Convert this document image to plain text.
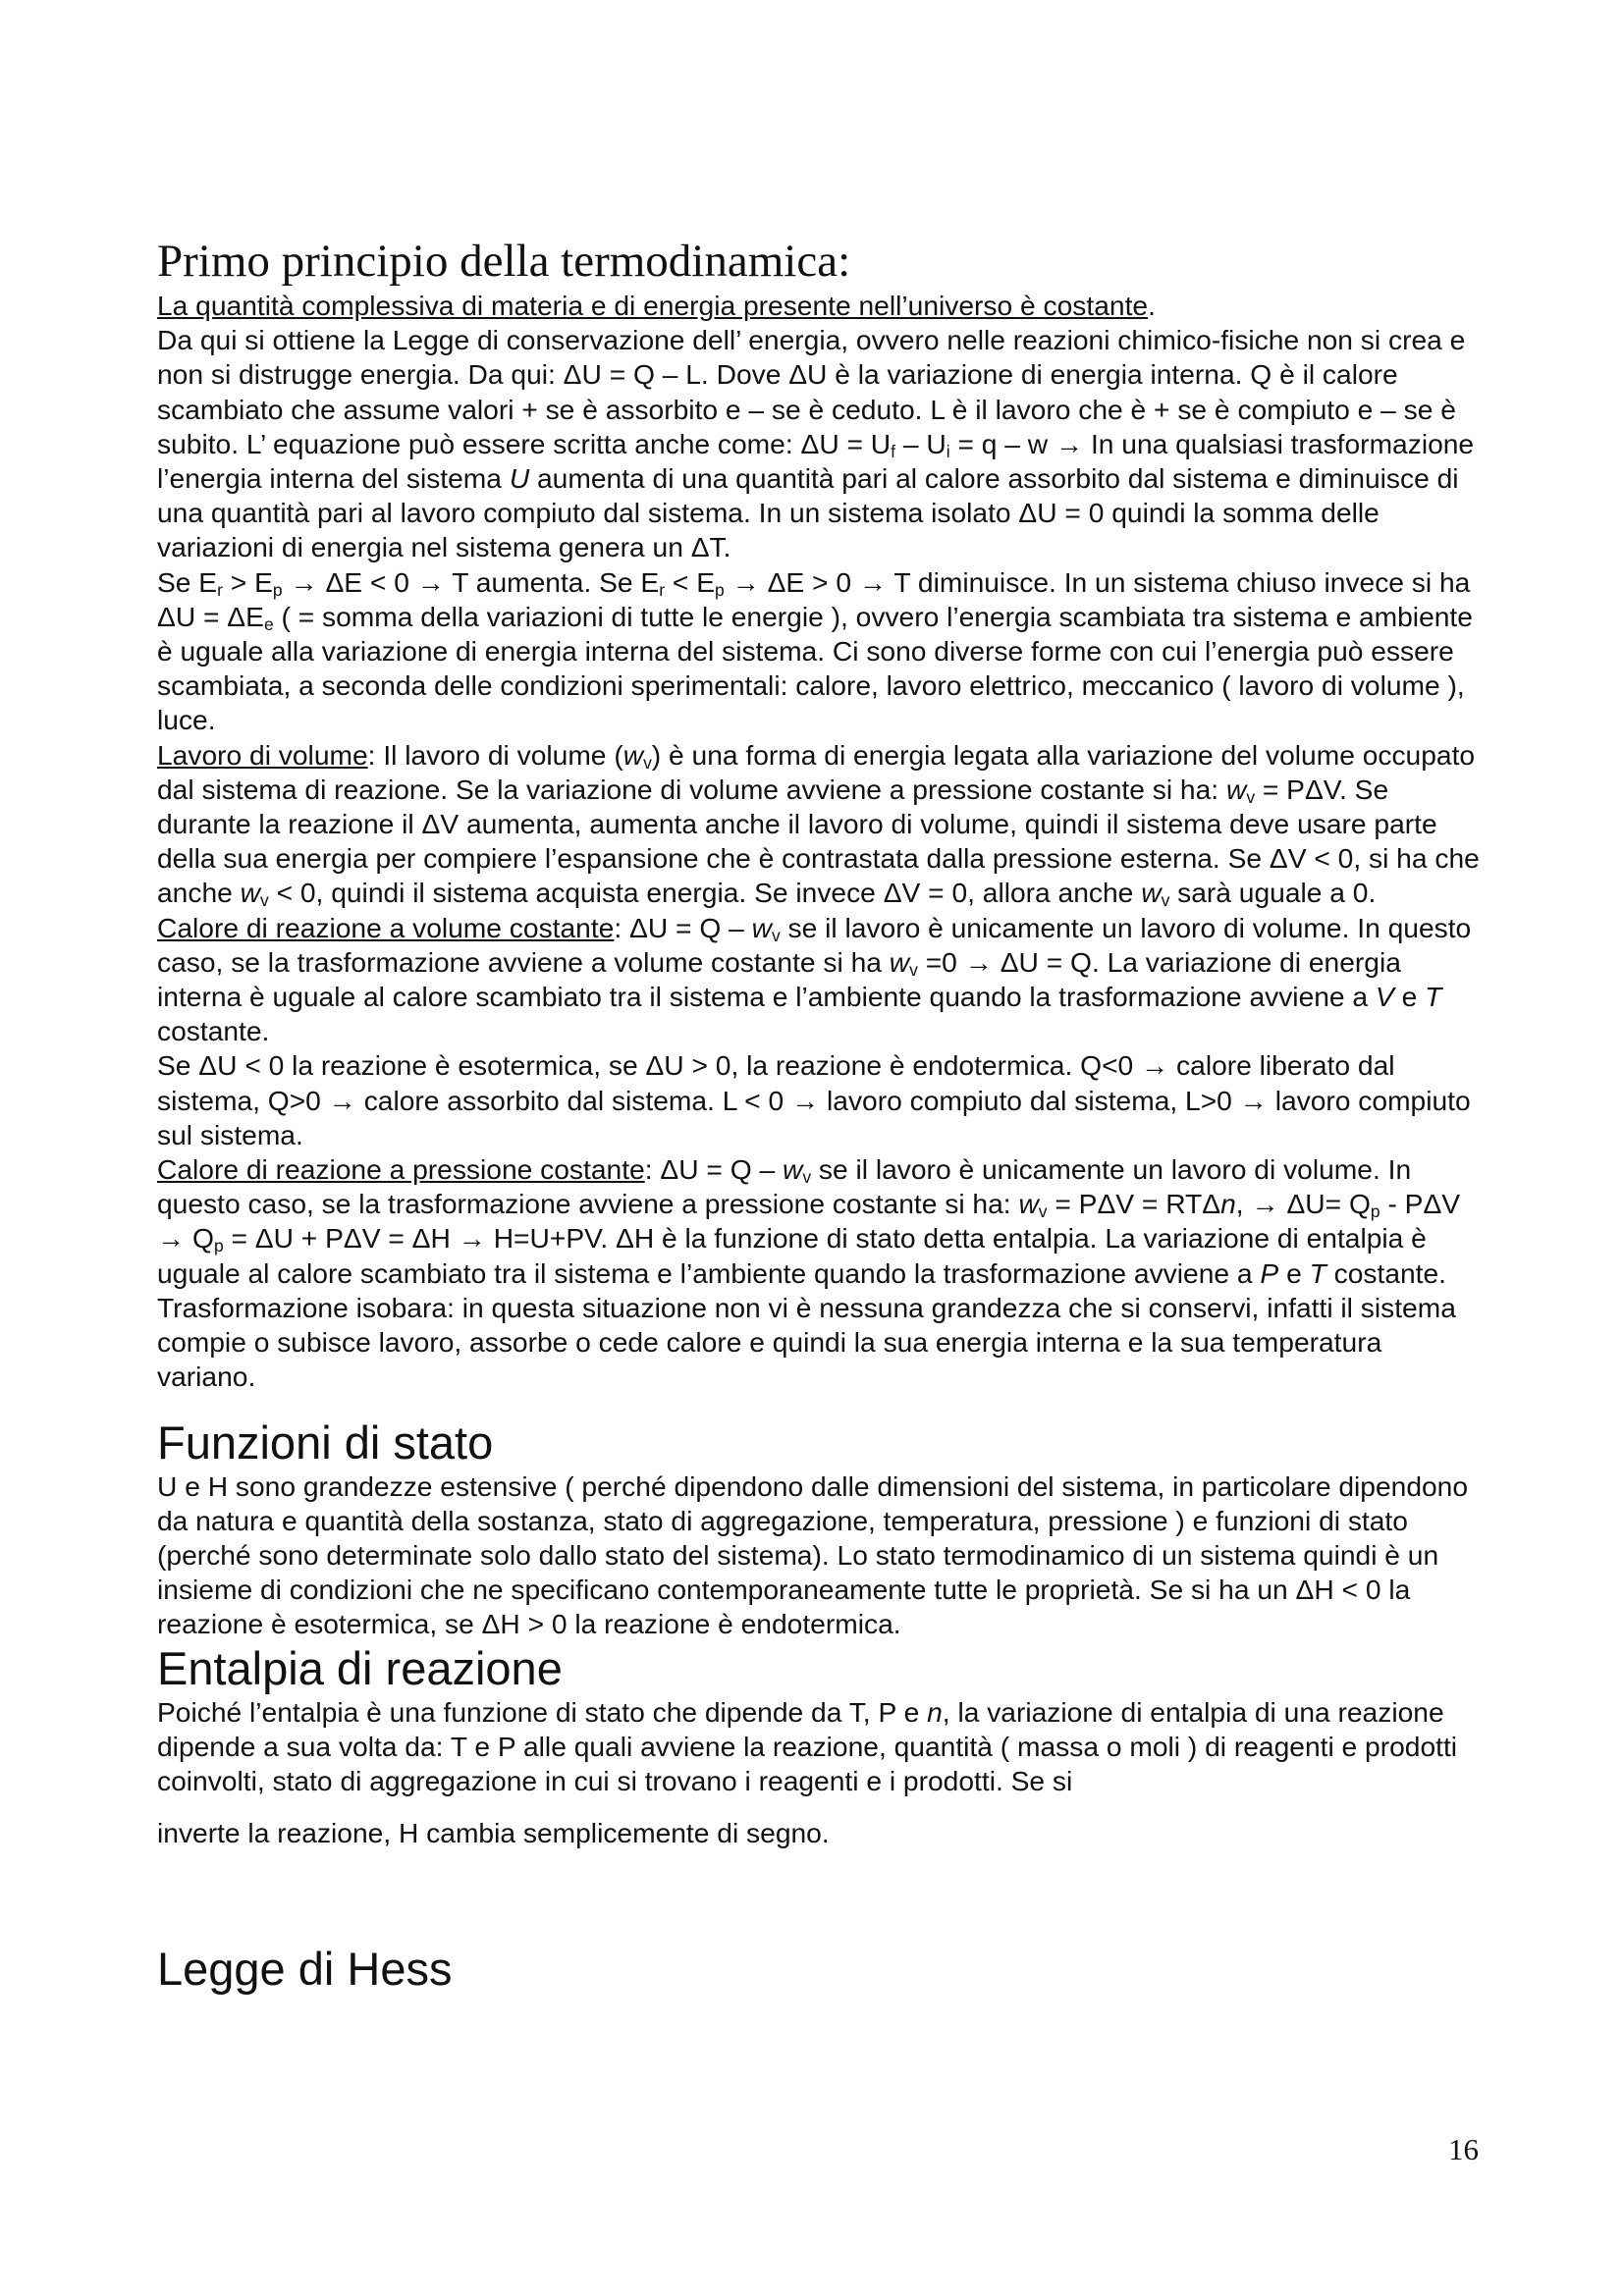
Primo principio della termodinamica:

La quantità complessiva di materia e di energia presente nell’universo è costante.

Da qui si ottiene la Legge di conservazione dell’ energia, ovvero nelle reazioni chimico-fisiche non si crea e non si distrugge energia. Da qui: ΔU = Q – L. Dove ΔU è la variazione di energia interna. Q è il calore scambiato che assume valori + se è assorbito e – se è ceduto. L è il lavoro che è + se è compiuto e – se è subito. L’ equazione può essere scritta anche come: $\Delta U = U_f - U_i = q - w \to In$ una qualsiasi trasformazione l’energia interna del sistema U aumenta di una quantità pari al calore assorbito dal sistema e diminuisce di una quantità pari al lavoro compiuto dal sistema. In un sistema isolato ΔU = 0 quindi la somma delle variazioni di energia nel sistema genera un ΔT.

Se $E_r > E_p \to \Delta E < 0 \to T$ aumenta. Se $E_r < E_p \to \Delta E > 0 \to T$ diminuisce. In un sistema chiuso invece si ha $\Delta U = \Delta E_e$ ( = somma della variazioni di tutte le energie ), ovvero l’energia scambiata tra sistema e ambiente è uguale alla variazione di energia interna del sistema. Ci sono diverse forme con cui l’energia può essere scambiata, a seconda delle condizioni sperimentali: calore, lavoro elettrico, meccanico ( lavoro di volume ), luce.

Lavoro di volume: Il lavoro di volume $(w_v)$ è una forma di energia legata alla variazione del volume occupato dal sistema di reazione. Se la variazione di volume avviene a pressione costante si ha: $w_v = P\Delta V$. Se durante la reazione il ΔV aumenta, aumenta anche il lavoro di volume, quindi il sistema deve usare parte della sua energia per compiere l’espansione che è contrastata dalla pressione esterna. Se ΔV < 0, si ha che anche $w_v < 0$, quindi il sistema acquista energia. Se invece ΔV = 0, allora anche $w_v$ sarà uguale a 0.

Calore di reazione a volume costante: $\Delta U = Q - w_v$ se il lavoro è unicamente un lavoro di volume. In questo caso, se la trasformazione avviene a volume costante si ha $w_v =0 \to \Delta U = Q$. La variazione di energia interna è uguale al calore scambiato tra il sistema e l’ambiente quando la trasformazione avviene a V e T costante.

Se ΔU < 0 la reazione è esotermica, se ΔU > 0, la reazione è endotermica. Q<0 → calore liberato dal sistema, Q>0 → calore assorbito dal sistema. L < 0 → lavoro compiuto dal sistema, L>0 → lavoro compiuto sul sistema.

Calore di reazione a pressione costante: $\Delta U = Q - w_v$ se il lavoro è unicamente un lavoro di volume. In questo caso, se la trasformazione avviene a pressione costante si ha: $w_v = P\Delta V = RT\Delta n$, → $\Delta U= Q_p - P\Delta V \to Q_p = \Delta U + P\Delta V = \Delta H \to H=U+PV$. ΔH è la funzione di stato detta entalpia. La variazione di entalpia è uguale al calore scambiato tra il sistema e l’ambiente quando la trasformazione avviene a P e T costante.

Trasformazione isobara: in questa situazione non vi è nessuna grandezza che si conservi, infatti il sistema compie o subisce lavoro, assorbe o cede calore e quindi la sua energia interna e la sua temperatura variano.

Funzioni di stato

U e H sono grandezze estensive ( perché dipendono dalle dimensioni del sistema, in particolare dipendono da natura e quantità della sostanza, stato di aggregazione, temperatura, pressione ) e funzioni di stato (perché sono determinate solo dallo stato del sistema). Lo stato termodinamico di un sistema quindi è un insieme di condizioni che ne specificano contemporaneamente tutte le proprietà. Se si ha un ΔH < 0 la reazione è esotermica, se ΔH > 0 la reazione è endotermica.

Entalpia di reazione

Poiché l’entalpia è una funzione di stato che dipende da T, P e n, la variazione di entalpia di una reazione dipende a sua volta da: T e P alle quali avviene la reazione, quantità ( massa o moli ) di reagenti e prodotti coinvolti, stato di aggregazione in cui si trovano i reagenti e i prodotti. Se si

inverte la reazione, H cambia semplicemente di segno.

Legge di Hess
16
